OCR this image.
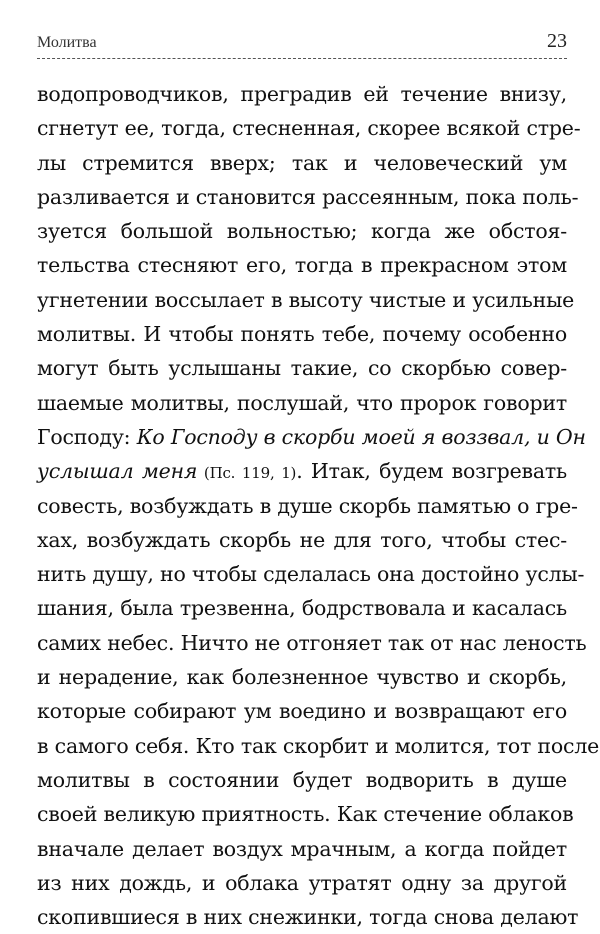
Молитва	23
водопроводчиков, преградив ей течение внизу,
сгнетут ее, тогда, стесненная, скорее всякой стре-
лы стремится вверх; так и человеческий ум
разливается и становится рассеянным, пока поль-
зуется большой вольностью; когда же обстоя-
тельства стесняют его, тогда в прекрасном этом
угнетении воссылает в высоту чистые и усильные
молитвы. И чтобы понять тебе, почему особенно
могут быть услышаны такие, со скорбью совер-
шаемые молитвы, послушай, что пророк говорит
Господу: Ко Господу в скорби моей я воззвал, и Он
услышал меня (Пс. 119, 1). Итак, будем возгревать
совесть, возбуждать в душе скорбь памятью о гре-
хах, возбуждать скорбь не для того, чтобы стес-
нить душу, но чтобы сделалась она достойно услы-
шания, была трезвенна, бодрствовала и касалась
самих небес. Ничто не отгоняет так от нас леность
и нерадение, как болезненное чувство и скорбь,
которые собирают ум воедино и возвращают его
в самого себя. Кто так скорбит и молится, тот после
молитвы в состоянии будет водворить в душе
своей великую приятность. Как стечение облаков
вначале делает воздух мрачным, а когда пойдет
из них дождь, и облака утратят одну за другой
скопившиеся в них снежинки, тогда снова делают
